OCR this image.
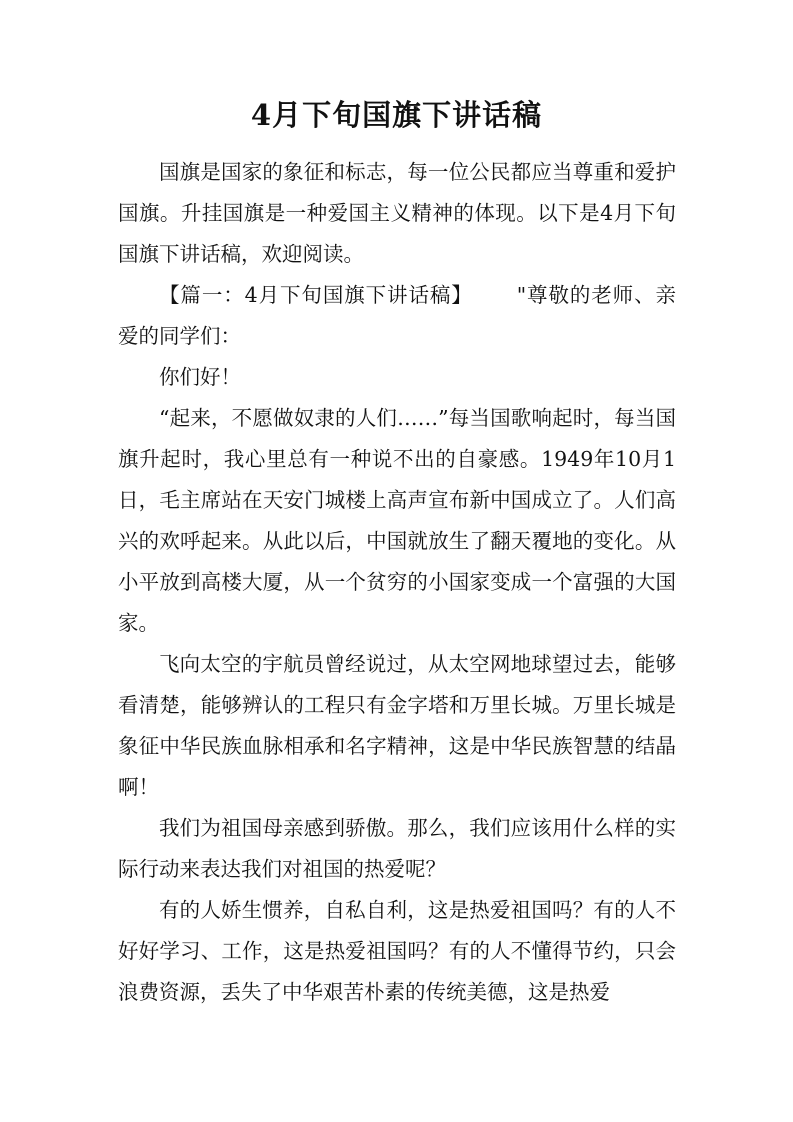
4月下旬国旗下讲话稿

国旗是国家的象征和标志，每一位公民都应当尊重和爱护国旗。升挂国旗是一种爱国主义精神的体现。以下是4月下旬国旗下讲话稿，欢迎阅读。

【篇一：4月下旬国旗下讲话稿】 "尊敬的老师、亲爱的同学们：

你们好！

“起来，不愿做奴隶的人们……”每当国歌响起时，每当国旗升起时，我心里总有一种说不出的自豪感。1949年10月1日，毛主席站在天安门城楼上高声宣布新中国成立了。人们高兴的欢呼起来。从此以后，中国就放生了翻天覆地的变化。从小平放到高楼大厦，从一个贫穷的小国家变成一个富强的大国家。

飞向太空的宇航员曾经说过，从太空网地球望过去，能够看清楚，能够辨认的工程只有金字塔和万里长城。万里长城是象征中华民族血脉相承和名字精神，这是中华民族智慧的结晶啊！

我们为祖国母亲感到骄傲。那么，我们应该用什么样的实际行动来表达我们对祖国的热爱呢？

有的人娇生惯养，自私自利，这是热爱祖国吗？有的人不好好学习、工作，这是热爱祖国吗？有的人不懂得节约，只会浪费资源，丢失了中华艰苦朴素的传统美德，这是热爱
